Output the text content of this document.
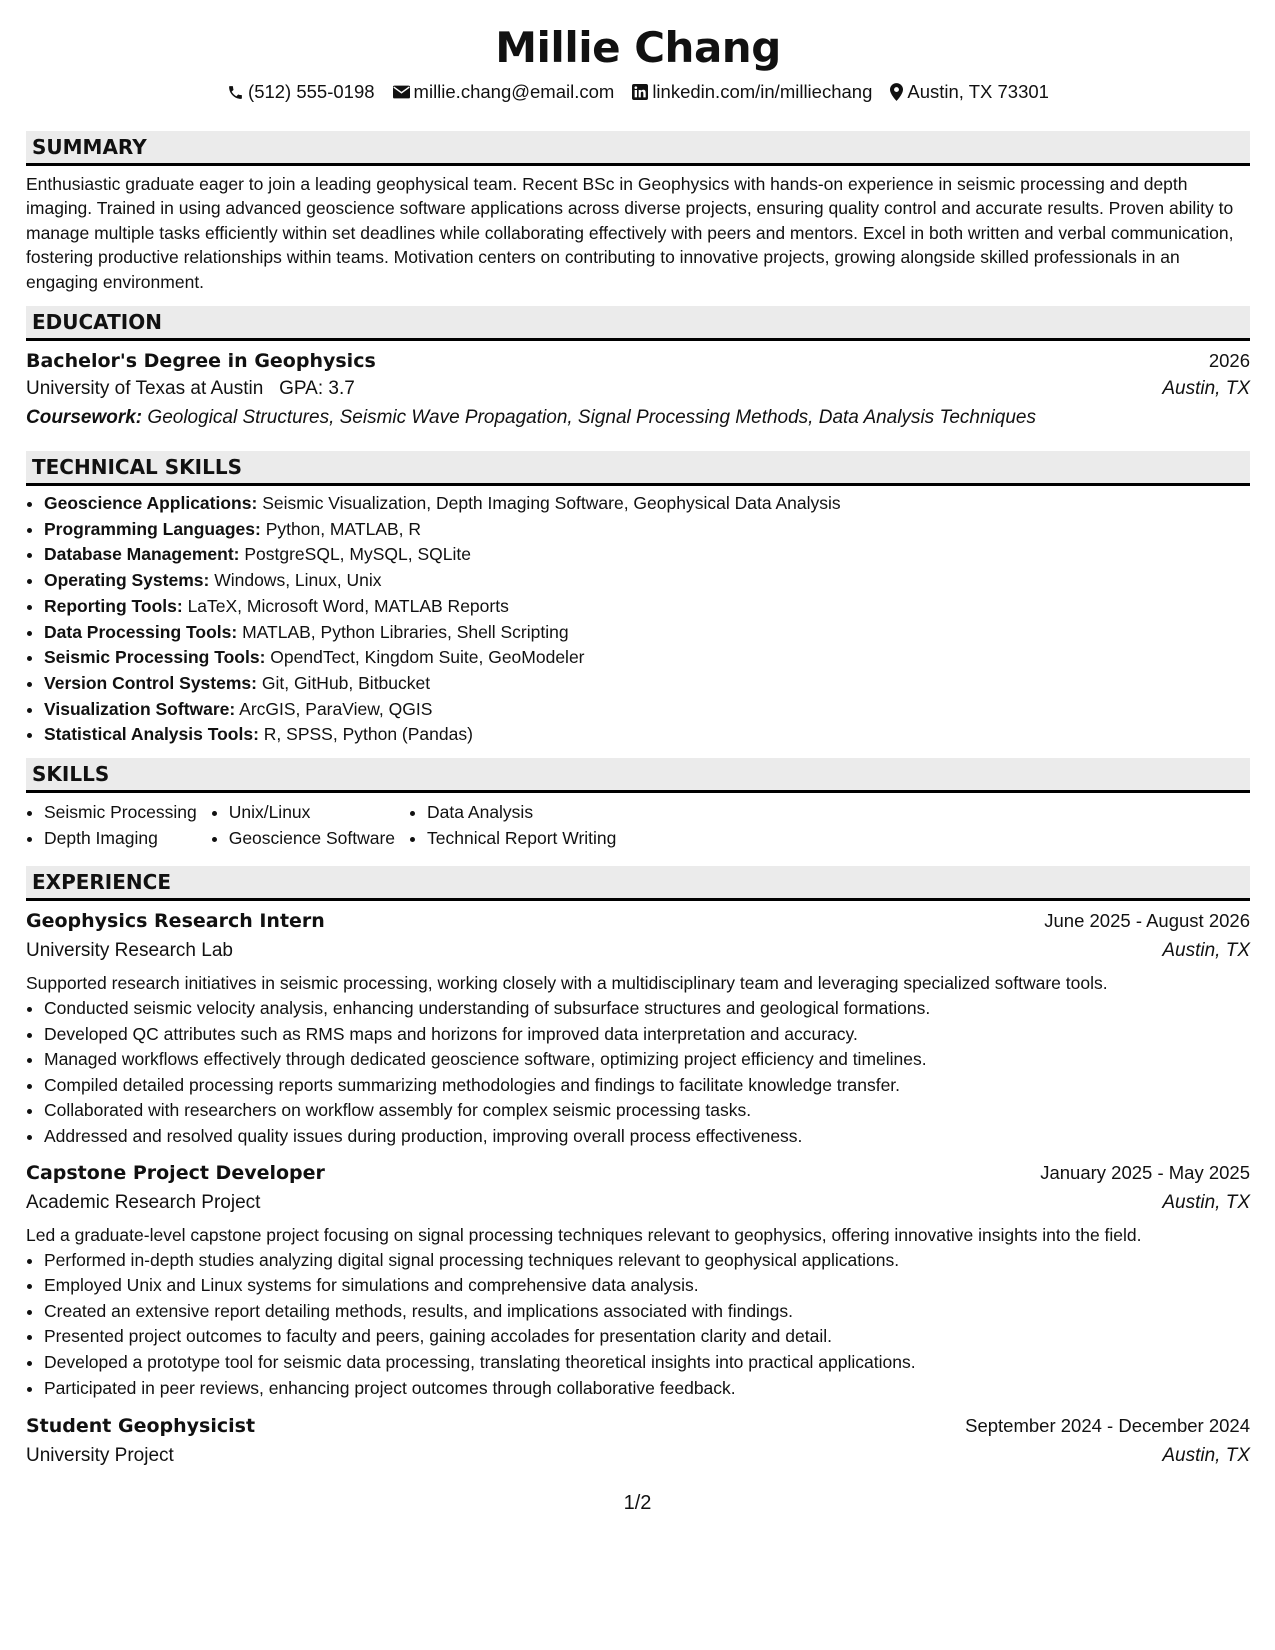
Millie Chang
(512) 555-0198 millie.chang@email.com linkedin.com/in/milliechang Austin, TX 73301
SUMMARY
Enthusiastic graduate eager to join a leading geophysical team. Recent BSc in Geophysics with hands-on experience in seismic processing and depth imaging. Trained in using advanced geoscience software applications across diverse projects, ensuring quality control and accurate results. Proven ability to manage multiple tasks efficiently within set deadlines while collaborating effectively with peers and mentors. Excel in both written and verbal communication, fostering productive relationships within teams. Motivation centers on contributing to innovative projects, growing alongside skilled professionals in an engaging environment.
EDUCATION
Bachelor's Degree in Geophysics	2026
University of Texas at Austin GPA: 3.7	Austin, TX
Coursework: Geological Structures, Seismic Wave Propagation, Signal Processing Methods, Data Analysis Techniques
TECHNICAL SKILLS
• Geoscience Applications: Seismic Visualization, Depth Imaging Software, Geophysical Data Analysis
• Programming Languages: Python, MATLAB, R
• Database Management: PostgreSQL, MySQL, SQLite
• Operating Systems: Windows, Linux, Unix
• Reporting Tools: LaTeX, Microsoft Word, MATLAB Reports
• Data Processing Tools: MATLAB, Python Libraries, Shell Scripting
• Seismic Processing Tools: OpendTect, Kingdom Suite, GeoModeler
• Version Control Systems: Git, GitHub, Bitbucket
• Visualization Software: ArcGIS, ParaView, QGIS
• Statistical Analysis Tools: R, SPSS, Python (Pandas)
SKILLS
• Seismic Processing
• Depth Imaging
• Unix/Linux
• Geoscience Software
• Data Analysis
• Technical Report Writing
EXPERIENCE
Geophysics Research Intern	June 2025 - August 2026
University Research Lab	Austin, TX
Supported research initiatives in seismic processing, working closely with a multidisciplinary team and leveraging specialized software tools.
• Conducted seismic velocity analysis, enhancing understanding of subsurface structures and geological formations.
• Developed QC attributes such as RMS maps and horizons for improved data interpretation and accuracy.
• Managed workflows effectively through dedicated geoscience software, optimizing project efficiency and timelines.
• Compiled detailed processing reports summarizing methodologies and findings to facilitate knowledge transfer.
• Collaborated with researchers on workflow assembly for complex seismic processing tasks.
• Addressed and resolved quality issues during production, improving overall process effectiveness.
Capstone Project Developer	January 2025 - May 2025
Academic Research Project	Austin, TX
Led a graduate-level capstone project focusing on signal processing techniques relevant to geophysics, offering innovative insights into the field.
• Performed in-depth studies analyzing digital signal processing techniques relevant to geophysical applications.
• Employed Unix and Linux systems for simulations and comprehensive data analysis.
• Created an extensive report detailing methods, results, and implications associated with findings.
• Presented project outcomes to faculty and peers, gaining accolades for presentation clarity and detail.
• Developed a prototype tool for seismic data processing, translating theoretical insights into practical applications.
• Participated in peer reviews, enhancing project outcomes through collaborative feedback.
Student Geophysicist	September 2024 - December 2024
University Project	Austin, TX
1/2
